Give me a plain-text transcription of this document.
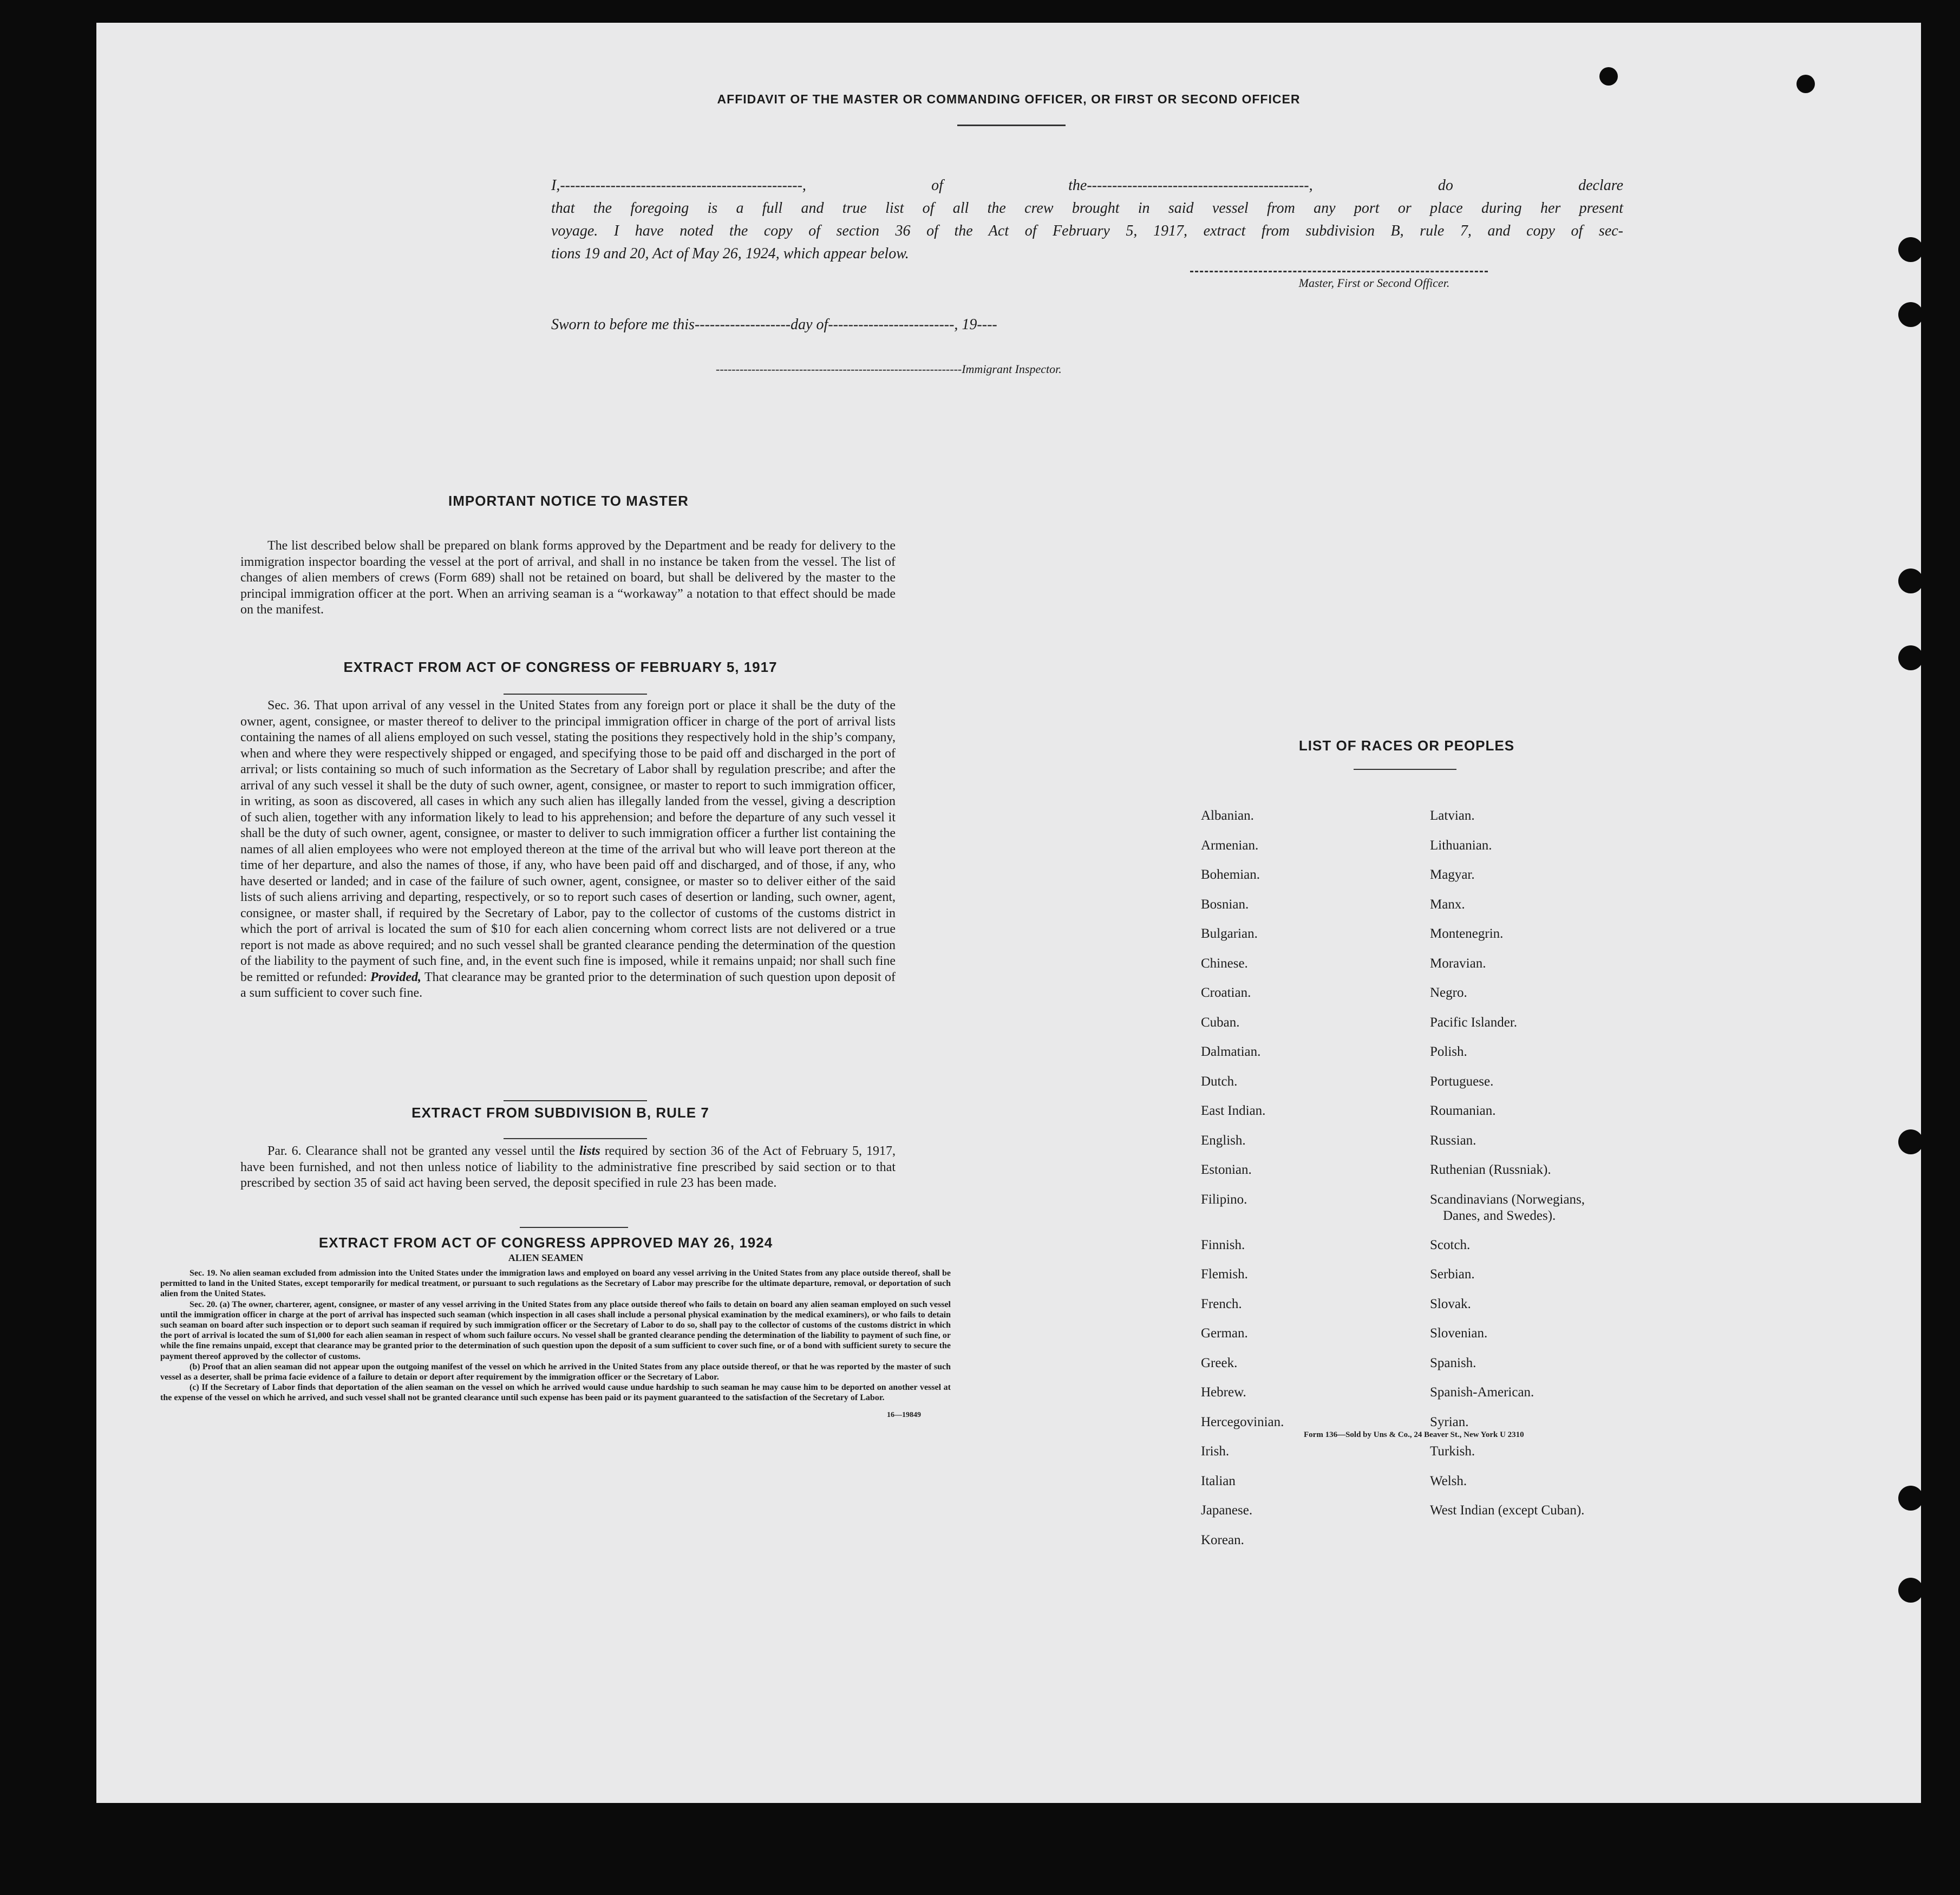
AFFIDAVIT OF THE MASTER OR COMMANDING OFFICER, OR FIRST OR SECOND OFFICER
I,------------------------------------------------, of the--------------------------------------------, do declare
that the foregoing is a full and true list of all the crew brought in said vessel from any port or place during her present
voyage. I have noted the copy of section 36 of the Act of February 5, 1917, extract from subdivision B, rule 7, and copy of sec-
tions 19 and 20, Act of May 26, 1924, which appear below.
Master, First or Second Officer.
Sworn to before me this-------------------day of-------------------------, 19----
--------------------------------------------------------------Immigrant Inspector.
IMPORTANT NOTICE TO MASTER
The list described below shall be prepared on blank forms approved by the Department and be ready for delivery to the immigration inspector boarding the vessel at the port of arrival, and shall in no instance be taken from the vessel. The list of changes of alien members of crews (Form 689) shall not be retained on board, but shall be delivered by the master to the principal immigration officer at the port. When an arriving seaman is a “workaway” a notation to that effect should be made on the manifest.
EXTRACT FROM ACT OF CONGRESS OF FEBRUARY 5, 1917
Sec. 36. That upon arrival of any vessel in the United States from any foreign port or place it shall be the duty of the owner, agent, consignee, or master thereof to deliver to the principal immigration officer in charge of the port of arrival lists containing the names of all aliens employed on such vessel, stating the positions they respectively hold in the ship’s company, when and where they were respectively shipped or engaged, and specifying those to be paid off and discharged in the port of arrival; or lists containing so much of such information as the Secretary of Labor shall by regulation prescribe; and after the arrival of any such vessel it shall be the duty of such owner, agent, consignee, or master to report to such immigration officer, in writing, as soon as discovered, all cases in which any such alien has illegally landed from the vessel, giving a description of such alien, together with any information likely to lead to his apprehension; and before the departure of any such vessel it shall be the duty of such owner, agent, consignee, or master to deliver to such immigration officer a further list containing the names of all alien employees who were not employed thereon at the time of the arrival but who will leave port thereon at the time of her departure, and also the names of those, if any, who have been paid off and discharged, and of those, if any, who have deserted or landed; and in case of the failure of such owner, agent, consignee, or master so to deliver either of the said lists of such aliens arriving and departing, respectively, or so to report such cases of desertion or landing, such owner, agent, consignee, or master shall, if required by the Secretary of Labor, pay to the collector of customs of the customs district in which the port of arrival is located the sum of $10 for each alien concerning whom correct lists are not delivered or a true report is not made as above required; and no such vessel shall be granted clearance pending the determination of the question of the liability to the payment of such fine, and, in the event such fine is imposed, while it remains unpaid; nor shall such fine be remitted or refunded: Provided, That clearance may be granted prior to the determination of such question upon deposit of a sum sufficient to cover such fine.
EXTRACT FROM SUBDIVISION B, RULE 7
Par. 6. Clearance shall not be granted any vessel until the lists required by section 36 of the Act of February 5, 1917, have been furnished, and not then unless notice of liability to the administrative fine prescribed by said section or to that prescribed by section 35 of said act having been served, the deposit specified in rule 23 has been made.
EXTRACT FROM ACT OF CONGRESS APPROVED MAY 26, 1924
ALIEN SEAMEN

Sec. 19. No alien seaman excluded from admission into the United States under the immigration laws and employed on board any vessel arriving in the United States from any place outside thereof, shall be permitted to land in the United States, except temporarily for medical treatment, or pursuant to such regulations as the Secretary of Labor may prescribe for the ultimate departure, removal, or deportation of such alien from the United States.

Sec. 20. (a) The owner, charterer, agent, consignee, or master of any vessel arriving in the United States from any place outside thereof who fails to detain on board any alien seaman employed on such vessel until the immigration officer in charge at the port of arrival has inspected such seaman (which inspection in all cases shall include a personal physical examination by the medical examiners), or who fails to detain such seaman on board after such inspection or to deport such seaman if required by such immigration officer or the Secretary of Labor to do so, shall pay to the collector of customs of the customs district in which the port of arrival is located the sum of $1,000 for each alien seaman in respect of whom such failure occurs. No vessel shall be granted clearance pending the determination of the liability to payment of such fine, or while the fine remains unpaid, except that clearance may be granted prior to the determination of such question upon the deposit of a sum sufficient to cover such fine, or of a bond with sufficient surety to secure the payment thereof approved by the collector of customs.

(b) Proof that an alien seaman did not appear upon the outgoing manifest of the vessel on which he arrived in the United States from any place outside thereof, or that he was reported by the master of such vessel as a deserter, shall be prima facie evidence of a failure to detain or deport after requirement by the immigration officer or the Secretary of Labor.

(c) If the Secretary of Labor finds that deportation of the alien seaman on the vessel on which he arrived would cause undue hardship to such seaman he may cause him to be deported on another vessel at the expense of the vessel on which he arrived, and such vessel shall not be granted clearance until such expense has been paid or its payment guaranteed to the satisfaction of the Secretary of Labor.

16—19849
LIST OF RACES OR PEOPLES
Form 136—Sold by Uns & Co., 24 Beaver St., New York U 2310
Albanian.
Armenian.
Bohemian.
Bosnian.
Bulgarian.
Chinese.
Croatian.
Cuban.
Dalmatian.
Dutch.
East Indian.
English.
Estonian.
Filipino.
Finnish.
Flemish.
French.
German.
Greek.
Hebrew.
Hercegovinian.
Irish.
Italian
Japanese.
Korean.
Latvian.
Lithuanian.
Magyar.
Manx.
Montenegrin.
Moravian.
Negro.
Pacific Islander.
Polish.
Portuguese.
Roumanian.
Russian.
Ruthenian (Russniak).
Scandinavians (Norwegians,
Danes, and Swedes).
Scotch.
Serbian.
Slovak.
Slovenian.
Spanish.
Spanish-American.
Syrian.
Turkish.
Welsh.
West Indian (except Cuban).
